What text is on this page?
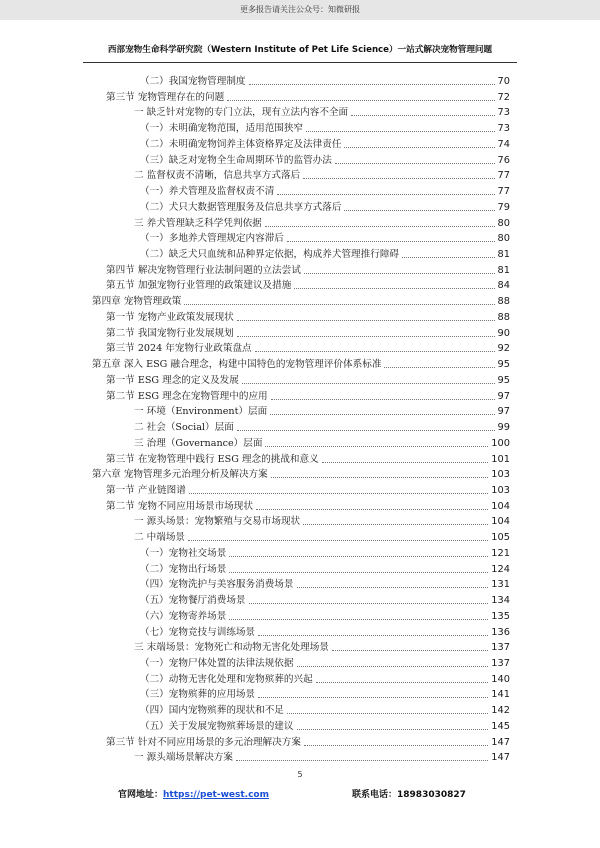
更多报告请关注公众号：知微研报
西部宠物生命科学研究院（Western Institute of Pet Life Science）一站式解决宠物管理问题
（二）我国宠物管理制度	70
第三节 宠物管理存在的问题	72
一 缺乏针对宠物的专门立法，现有立法内容不全面	73
（一）未明确宠物范围，适用范围狭窄	73
（二）未明确宠物饲养主体资格界定及法律责任	74
（三）缺乏对宠物全生命周期环节的监管办法	76
二 监督权责不清晰，信息共享方式落后	77
（一）养犬管理及监督权责不清	77
（二）犬只大数据管理服务及信息共享方式落后	79
三 养犬管理缺乏科学凭判依据	80
（一）多地养犬管理规定内容滞后	80
（二）缺乏犬只血统和品种界定依据，构成养犬管理推行障碍	81
第四节 解决宠物管理行业法制问题的立法尝试	81
第五节 加强宠物行业管理的政策建议及措施	84
第四章 宠物管理政策	88
第一节 宠物产业政策发展现状	88
第二节 我国宠物行业发展规划	90
第三节 2024 年宠物行业政策盘点	92
第五章 深入 ESG 融合理念，构建中国特色的宠物管理评价体系标准	95
第一节 ESG 理念的定义及发展	95
第二节 ESG 理念在宠物管理中的应用	97
一 环境（Environment）层面	97
二 社会（Social）层面	99
三 治理（Governance）层面	100
第三节 在宠物管理中践行 ESG 理念的挑战和意义	101
第六章 宠物管理多元治理分析及解决方案	103
第一节 产业链图谱	103
第二节 宠物不同应用场景市场现状	104
一 源头场景：宠物繁殖与交易市场现状	104
二 中端场景	105
（一）宠物社交场景	121
（二）宠物出行场景	124
（四）宠物洗护与美容服务消费场景	131
（五）宠物餐厅消费场景	134
（六）宠物寄养场景	135
（七）宠物竞技与训练场景	136
三 末端场景：宠物死亡和动物无害化处理场景	137
（一）宠物尸体处置的法律法规依据	137
（二）动物无害化处理和宠物殡葬的兴起	140
（三）宠物殡葬的应用场景	141
（四）国内宠物殡葬的现状和不足	142
（五）关于发展宠物殡葬场景的建议	145
第三节 针对不同应用场景的多元治理解决方案	147
一 源头端场景解决方案	147
5
官网地址：https://pet-west.com	联系电话：18983030827
